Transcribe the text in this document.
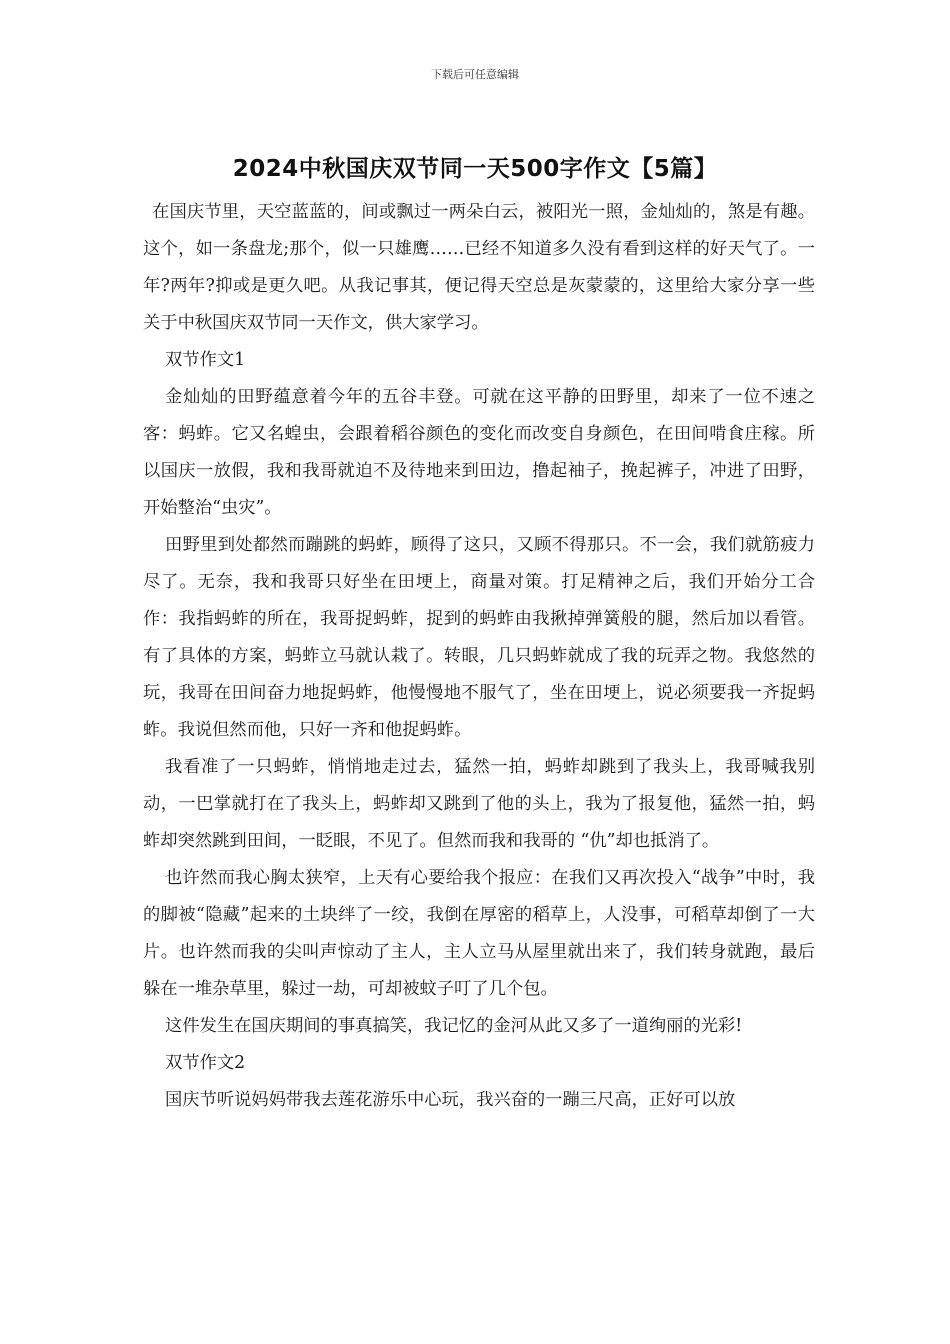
下载后可任意编辑
2024中秋国庆双节同一天500字作文【5篇】

在国庆节里，天空蓝蓝的，间或飘过一两朵白云，被阳光一照，金灿灿的，煞是有趣。这个，如一条盘龙;那个，似一只雄鹰……已经不知道多久没有看到这样的好天气了。一年?两年?抑或是更久吧。从我记事其，便记得天空总是灰蒙蒙的，这里给大家分享一些关于中秋国庆双节同一天作文，供大家学习。

双节作文1

金灿灿的田野蕴意着今年的五谷丰登。可就在这平静的田野里，却来了一位不速之客：蚂蚱。它又名蝗虫，会跟着稻谷颜色的变化而改变自身颜色，在田间啃食庄稼。所以国庆一放假，我和我哥就迫不及待地来到田边，撸起袖子，挽起裤子，冲进了田野，开始整治“虫灾”。

田野里到处都然而蹦跳的蚂蚱，顾得了这只，又顾不得那只。不一会，我们就筋疲力尽了。无奈，我和我哥只好坐在田埂上，商量对策。打足精神之后，我们开始分工合作：我指蚂蚱的所在，我哥捉蚂蚱，捉到的蚂蚱由我揪掉弹簧般的腿，然后加以看管。有了具体的方案，蚂蚱立马就认栽了。转眼，几只蚂蚱就成了我的玩弄之物。我悠然的玩，我哥在田间奋力地捉蚂蚱，他慢慢地不服气了，坐在田埂上，说必须要我一齐捉蚂蚱。我说但然而他，只好一齐和他捉蚂蚱。

我看准了一只蚂蚱，悄悄地走过去，猛然一拍，蚂蚱却跳到了我头上，我哥喊我别动，一巴掌就打在了我头上，蚂蚱却又跳到了他的头上，我为了报复他，猛然一拍，蚂蚱却突然跳到田间，一眨眼，不见了。但然而我和我哥的 “仇”却也抵消了。

也许然而我心胸太狭窄，上天有心要给我个报应：在我们又再次投入“战争”中时，我的脚被“隐藏”起来的土块绊了一绞，我倒在厚密的稻草上，人没事，可稻草却倒了一大片。也许然而我的尖叫声惊动了主人，主人立马从屋里就出来了，我们转身就跑，最后躲在一堆杂草里，躲过一劫，可却被蚊子叮了几个包。

这件发生在国庆期间的事真搞笑，我记忆的金河从此又多了一道绚丽的光彩!

双节作文2

国庆节听说妈妈带我去莲花游乐中心玩，我兴奋的一蹦三尺高，正好可以放
